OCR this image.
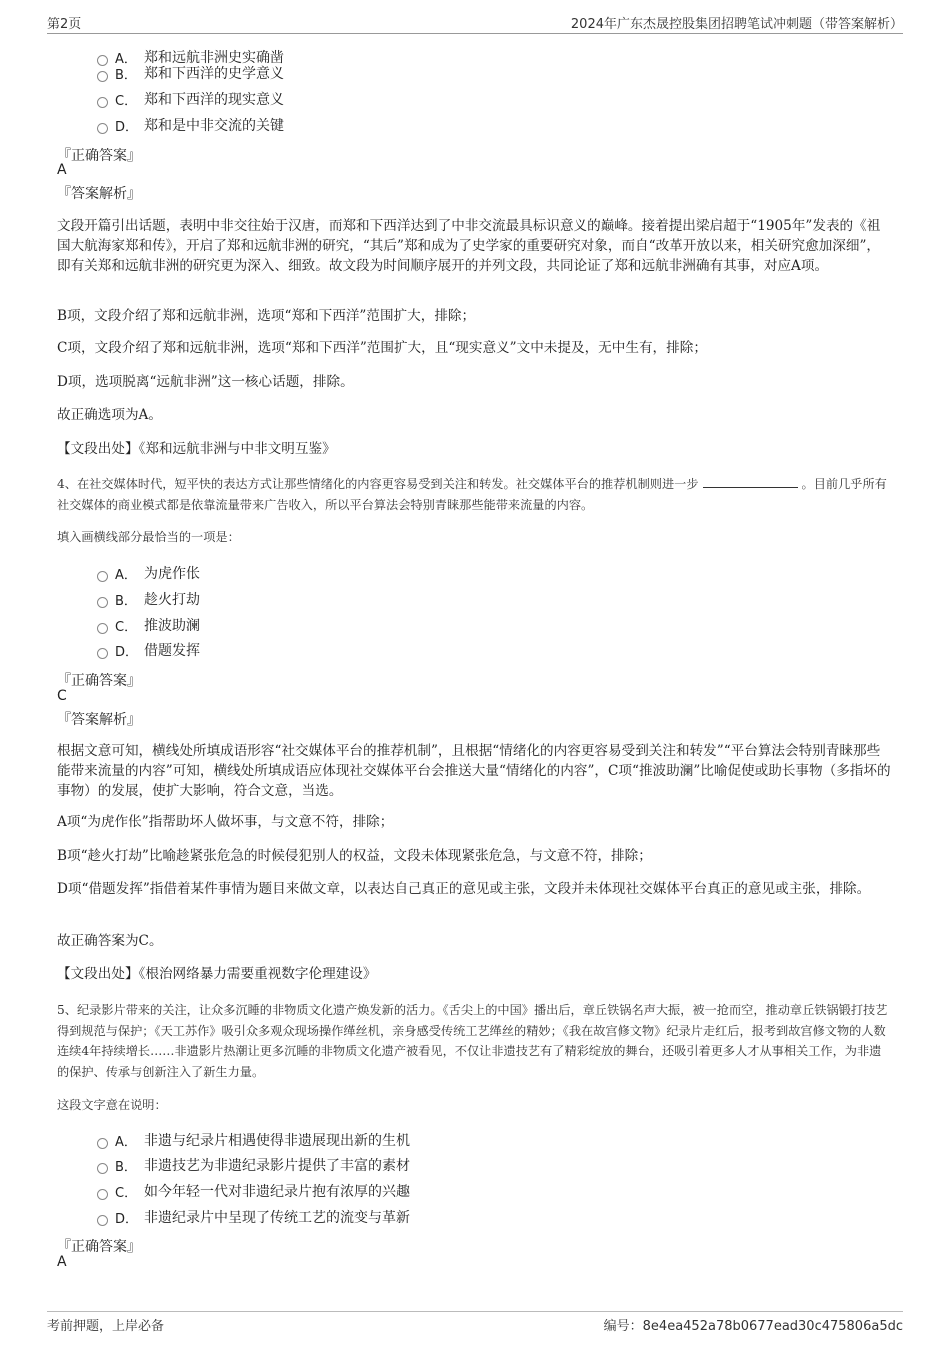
第2页	2024年广东杰晟控股集团招聘笔试冲刺题（带答案解析）
A． 郑和远航非洲史实确凿
B． 郑和下西洋的史学意义
C． 郑和下西洋的现实意义
D． 郑和是中非交流的关键
『正确答案』
A
『答案解析』
文段开篇引出话题，表明中非交往始于汉唐，而郑和下西洋达到了中非交流最具标识意义的巅峰。接着提出梁启超于“1905年”发表的《祖国大航海家郑和传》，开启了郑和远航非洲的研究，“其后”郑和成为了史学家的重要研究对象，而自“改革开放以来，相关研究愈加深细”，即有关郑和远航非洲的研究更为深入、细致。故文段为时间顺序展开的并列文段，共同论证了郑和远航非洲确有其事，对应A项。
B项，文段介绍了郑和远航非洲，选项“郑和下西洋”范围扩大，排除；
C项，文段介绍了郑和远航非洲，选项“郑和下西洋”范围扩大，且“现实意义”文中未提及，无中生有，排除；
D项，选项脱离“远航非洲”这一核心话题，排除。
故正确选项为A。
【文段出处】《郑和远航非洲与中非文明互鉴》
4、在社交媒体时代，短平快的表达方式让那些情绪化的内容更容易受到关注和转发。社交媒体平台的推荐机制则进一步	。目前几乎所有社交媒体的商业模式都是依靠流量带来广告收入，所以平台算法会特别青睐那些能带来流量的内容。
填入画横线部分最恰当的一项是：
A． 为虎作伥
B． 趁火打劫
C． 推波助澜
D． 借题发挥
『正确答案』
C
『答案解析』
根据文意可知，横线处所填成语形容“社交媒体平台的推荐机制”，且根据“情绪化的内容更容易受到关注和转发”“平台算法会特别青睐那些能带来流量的内容”可知，横线处所填成语应体现社交媒体平台会推送大量“情绪化的内容”，C项“推波助澜”比喻促使或助长事物（多指坏的事物）的发展，使扩大影响，符合文意，当选。
A项“为虎作伥”指帮助坏人做坏事，与文意不符，排除；
B项“趁火打劫”比喻趁紧张危急的时候侵犯别人的权益，文段未体现紧张危急，与文意不符，排除；
D项“借题发挥”指借着某件事情为题目来做文章，以表达自己真正的意见或主张，文段并未体现社交媒体平台真正的意见或主张，排除。
故正确答案为C。
【文段出处】《根治网络暴力需要重视数字伦理建设》
5、纪录影片带来的关注，让众多沉睡的非物质文化遗产焕发新的活力。《舌尖上的中国》播出后，章丘铁锅名声大振，被一抢而空，推动章丘铁锅锻打技艺得到规范与保护；《天工苏作》吸引众多观众现场操作缂丝机，亲身感受传统工艺缂丝的精妙；《我在故宫修文物》纪录片走红后，报考到故宫修文物的人数连续4年持续增长……非遗影片热潮让更多沉睡的非物质文化遗产被看见，不仅让非遗技艺有了精彩绽放的舞台，还吸引着更多人才从事相关工作，为非遗的保护、传承与创新注入了新生力量。
这段文字意在说明：
A． 非遗与纪录片相遇使得非遗展现出新的生机
B． 非遗技艺为非遗纪录影片提供了丰富的素材
C． 如今年轻一代对非遗纪录片抱有浓厚的兴趣
D． 非遗纪录片中呈现了传统工艺的流变与革新
『正确答案』
A
考前押题，上岸必备	编号：8e4ea452a78b0677ead30c475806a5dc
